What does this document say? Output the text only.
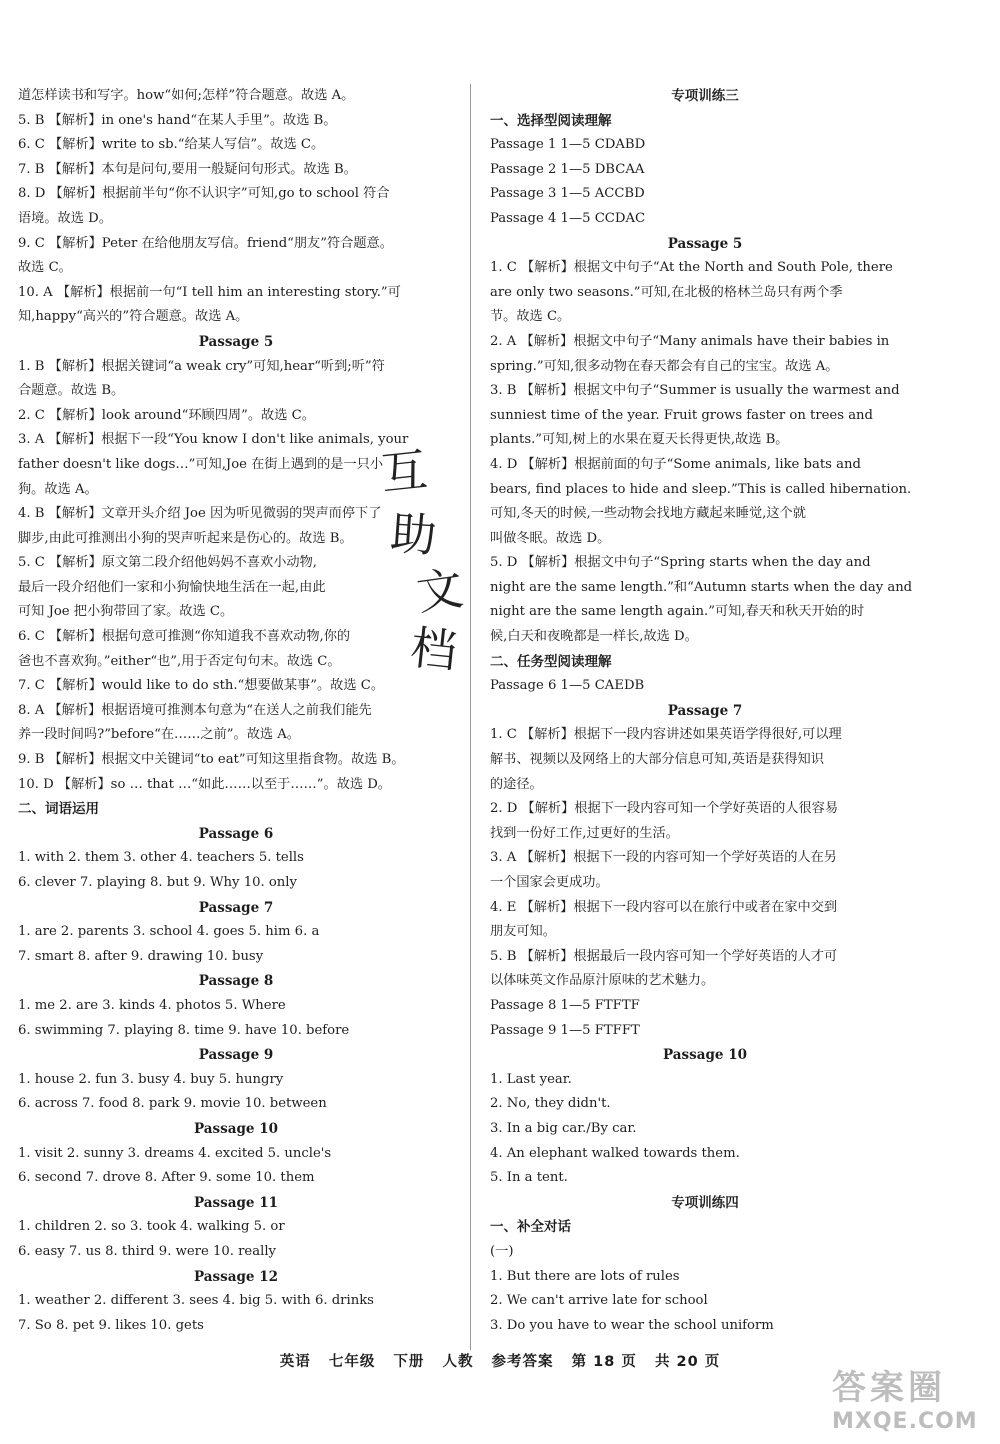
道怎样读书和写字。how“如何;怎样”符合题意。故选 A。
5. B 【解析】in one's hand“在某人手里”。故选 B。
6. C 【解析】write to sb.“给某人写信”。故选 C。
7. B 【解析】本句是问句,要用一般疑问句形式。故选 B。
8. D 【解析】根据前半句“你不认识字”可知,go to school 符合
语境。故选 D。
9. C 【解析】Peter 在给他朋友写信。friend“朋友”符合题意。
故选 C。
10. A 【解析】根据前一句“I tell him an interesting story.”可
知,happy“高兴的”符合题意。故选 A。
Passage 5
1. B 【解析】根据关键词“a weak cry”可知,hear“听到;听”符
合题意。故选 B。
2. C 【解析】look around“环顾四周”。故选 C。
3. A 【解析】根据下一段“You know I don't like animals, your
father doesn't like dogs…”可知,Joe 在街上遇到的是一只小
狗。故选 A。
4. B 【解析】文章开头介绍 Joe 因为听见微弱的哭声而停下了
脚步,由此可推测出小狗的哭声听起来是伤心的。故选 B。
5. C 【解析】原文第二段介绍他妈妈不喜欢小动物,
最后一段介绍他们一家和小狗愉快地生活在一起,由此
可知 Joe 把小狗带回了家。故选 C。
6. C 【解析】根据句意可推测“你知道我不喜欢动物,你的
爸也不喜欢狗。”either“也”,用于否定句句末。故选 C。
7. C 【解析】would like to do sth.“想要做某事”。故选 C。
8. A 【解析】根据语境可推测本句意为“在送人之前我们能先
养一段时间吗?”before“在……之前”。故选 A。
9. B 【解析】根据文中关键词“to eat”可知这里指食物。故选 B。
10. D 【解析】so … that …“如此……以至于……”。故选 D。
二、词语运用
Passage 6
1. with 2. them 3. other 4. teachers 5. tells
6. clever 7. playing 8. but 9. Why 10. only
Passage 7
1. are 2. parents 3. school 4. goes 5. him 6. a
7. smart 8. after 9. drawing 10. busy
Passage 8
1. me 2. are 3. kinds 4. photos 5. Where
6. swimming 7. playing 8. time 9. have 10. before
Passage 9
1. house 2. fun 3. busy 4. buy 5. hungry
6. across 7. food 8. park 9. movie 10. between
Passage 10
1. visit 2. sunny 3. dreams 4. excited 5. uncle's
6. second 7. drove 8. After 9. some 10. them
Passage 11
1. children 2. so 3. took 4. walking 5. or
6. easy 7. us 8. third 9. were 10. really
Passage 12
1. weather 2. different 3. sees 4. big 5. with 6. drinks
7. So 8. pet 9. likes 10. gets
专项训练三
一、选择型阅读理解
Passage 1 1—5 CDABD
Passage 2 1—5 DBCAA
Passage 3 1—5 ACCBD
Passage 4 1—5 CCDAC
Passage 5
1. C 【解析】根据文中句子“At the North and South Pole, there
are only two seasons.”可知,在北极的格林兰岛只有两个季
节。故选 C。
2. A 【解析】根据文中句子“Many animals have their babies in
spring.”可知,很多动物在春天都会有自己的宝宝。故选 A。
3. B 【解析】根据文中句子“Summer is usually the warmest and
sunniest time of the year. Fruit grows faster on trees and
plants.”可知,树上的水果在夏天长得更快,故选 B。
4. D 【解析】根据前面的句子“Some animals, like bats and
bears, find places to hide and sleep.”This is called hibernation.
可知,冬天的时候,一些动物会找地方藏起来睡觉,这个就
叫做冬眠。故选 D。
5. D 【解析】根据文中句子“Spring starts when the day and
night are the same length.”和“Autumn starts when the day and
night are the same length again.”可知,春天和秋天开始的时
候,白天和夜晚都是一样长,故选 D。
二、任务型阅读理解
Passage 6 1—5 CAEDB
Passage 7
1. C 【解析】根据下一段内容讲述如果英语学得很好,可以理
解书、视频以及网络上的大部分信息可知,英语是获得知识
的途径。
2. D 【解析】根据下一段内容可知一个学好英语的人很容易
找到一份好工作,过更好的生活。
3. A 【解析】根据下一段的内容可知一个学好英语的人在另
一个国家会更成功。
4. E 【解析】根据下一段内容可以在旅行中或者在家中交到
朋友可知。
5. B 【解析】根据最后一段内容可知一个学好英语的人才可
以体味英文作品原汁原味的艺术魅力。
Passage 8 1—5 FTFTF
Passage 9 1—5 FTFFT
Passage 10
1. Last year.
2. No, they didn't.
3. In a big car./By car.
4. An elephant walked towards them.
5. In a tent.
专项训练四
一、补全对话
(一)
1. But there are lots of rules
2. We can't arrive late for school
3. Do you have to wear the school uniform
互
助
文
档
英语 七年级 下册 人教 参考答案 第 18 页 共 20 页
答案圈
MXQE.COM
